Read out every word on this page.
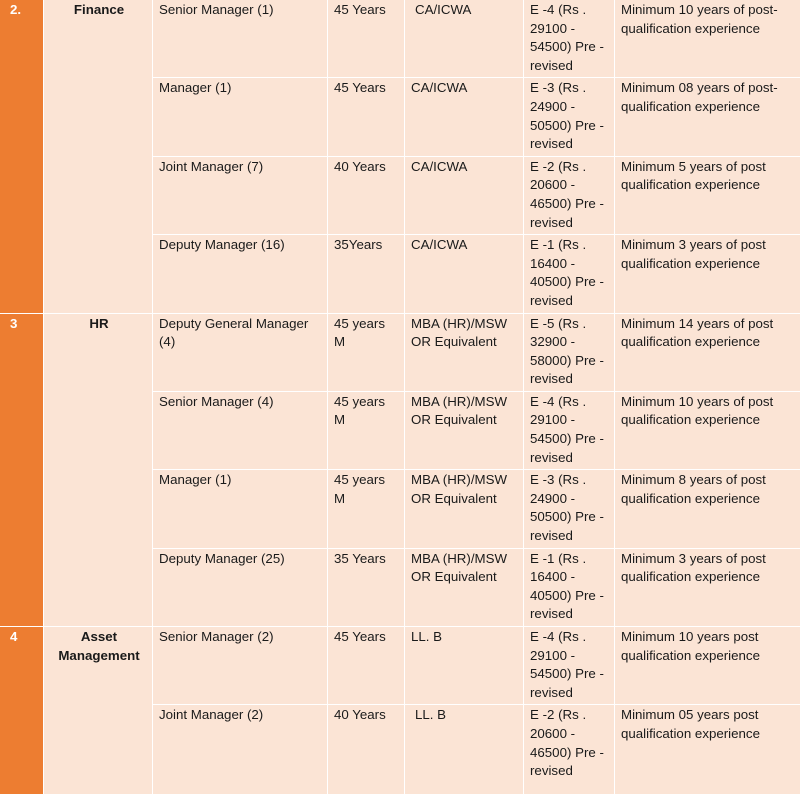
2.	Finance	Senior Manager (1)	45 Years	CA/ICWA	E -4 (Rs . 29100 - 54500) Pre - revised	Minimum 10 years of post-qualification experience
		Manager (1)	45 Years	CA/ICWA	E -3 (Rs . 24900 - 50500) Pre - revised	Minimum 08 years of post-qualification experience
		Joint Manager (7)	40 Years	CA/ICWA	E -2 (Rs . 20600 - 46500) Pre - revised	Minimum 5 years of post qualification experience
		Deputy Manager (16)	35Years	CA/ICWA	E -1 (Rs . 16400 - 40500) Pre - revised	Minimum 3 years of post qualification experience
3	HR	Deputy General Manager (4)	45 years M	MBA (HR)/MSW OR Equivalent	E -5 (Rs . 32900 - 58000) Pre - revised	Minimum 14 years of post qualification experience
		Senior Manager (4)	45 years M	MBA (HR)/MSW OR Equivalent	E -4 (Rs . 29100 - 54500) Pre - revised	Minimum 10 years of post qualification experience
		Manager (1)	45 years M	MBA (HR)/MSW OR Equivalent	E -3 (Rs . 24900 - 50500) Pre - revised	Minimum 8 years of post qualification experience
		Deputy Manager (25)	35 Years	MBA (HR)/MSW OR Equivalent	E -1 (Rs . 16400 - 40500) Pre - revised	Minimum 3 years of post qualification experience
4	Asset Management	Senior Manager (2)	45 Years	LL. B	E -4 (Rs . 29100 - 54500) Pre - revised	Minimum 10 years post qualification experience
		Joint Manager (2)	40 Years	LL. B	E -2 (Rs . 20600 - 46500) Pre -revised	Minimum 05 years post qualification experience
